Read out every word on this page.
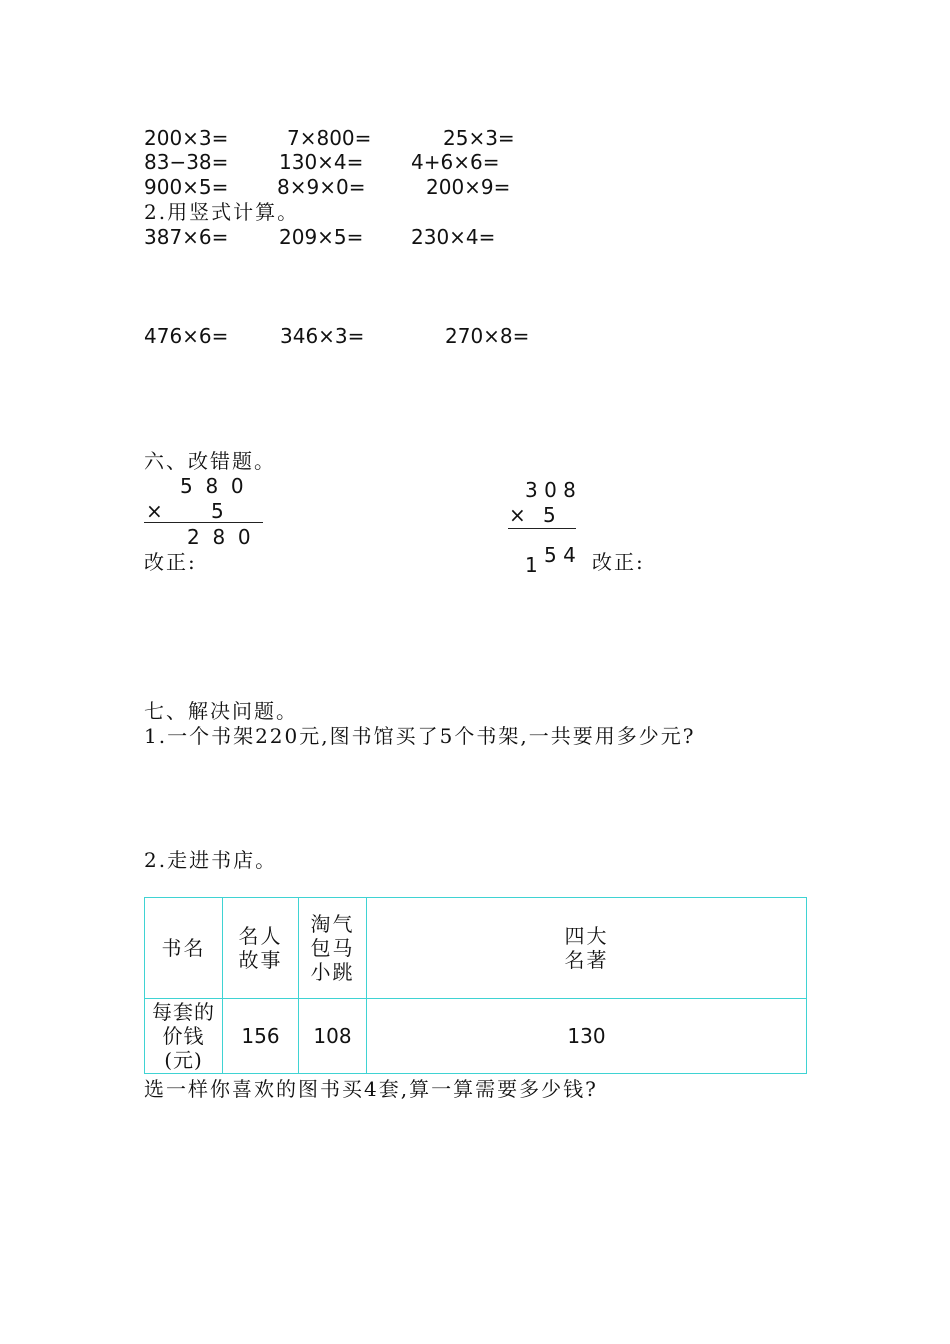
200×3=	7×800=	25×3=
83−38=	130×4= 4+6×6=
900×5= 8×9×0=	200×9=
2.用竖式计算。
387×6=	209×5= 230×4=
476×6=	346×3=	270×8=
六、改错题。
5  8  0
× 5
2  8  0
改正:
3 0 8
× 5
1 5 4 改正:
七、解决问题。
1.一个书架220元,图书馆买了5个书架,一共要用多少元?
2.走进书店。
书名	名人故事	淘气包马小跳	四大名著

每套的价钱(元)	156	108	130
选一样你喜欢的图书买4套,算一算需要多少钱?
